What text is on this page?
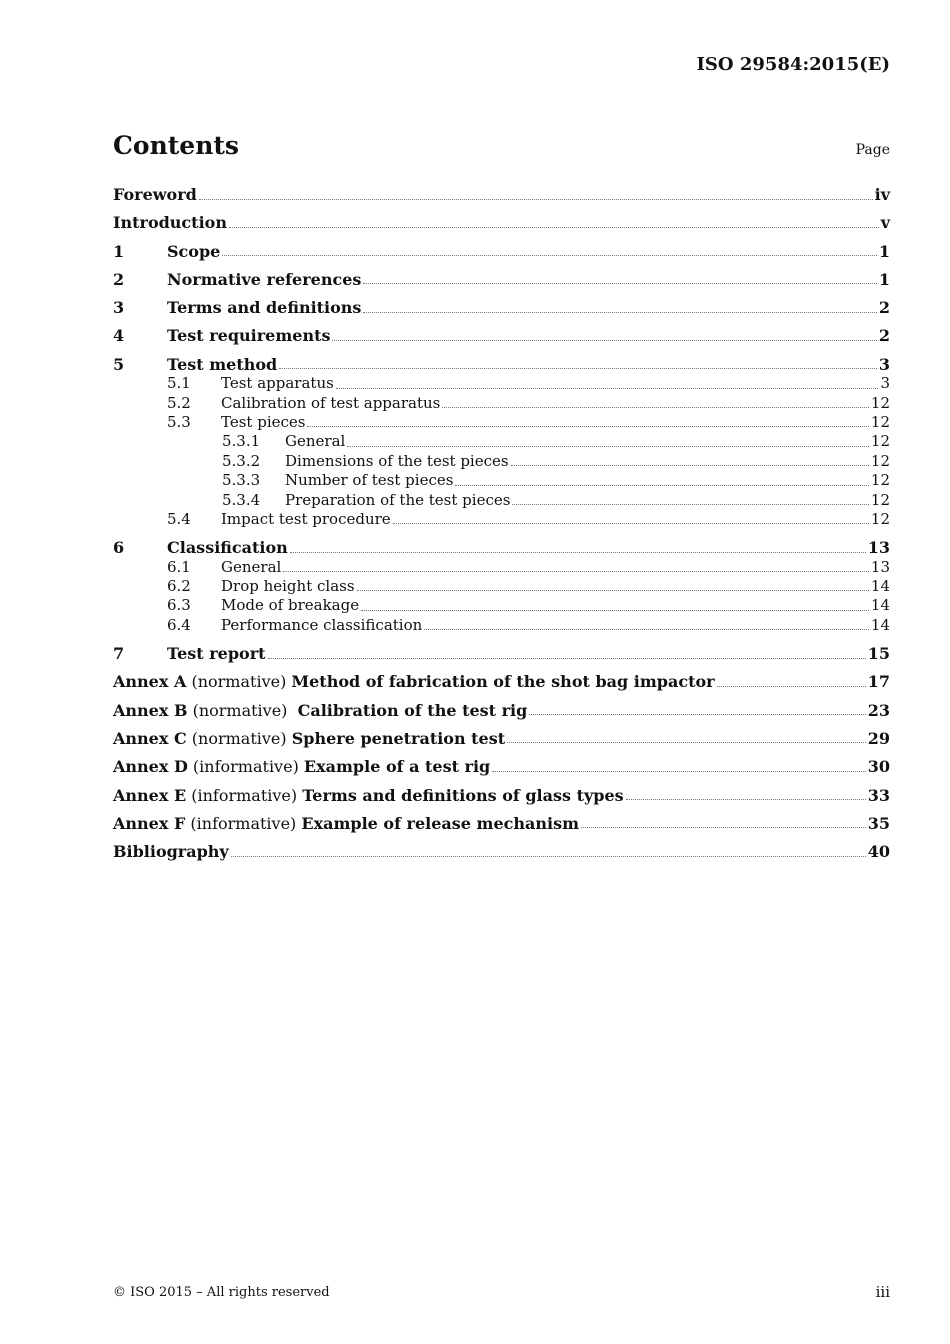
ISO 29584:2015(E)
Contents	Page
Foreword	iv
Introduction	v
1	Scope	1
2	Normative references	1
3	Terms and definitions	2
4	Test requirements	2
5	Test method	3
5.1	Test apparatus	3
5.2	Calibration of test apparatus	12
5.3	Test pieces	12
5.3.1	General	12
5.3.2	Dimensions of the test pieces	12
5.3.3	Number of test pieces	12
5.3.4	Preparation of the test pieces	12
5.4	Impact test procedure	12
6	Classification	13
6.1	General	13
6.2	Drop height class	14
6.3	Mode of breakage	14
6.4	Performance classification	14
7	Test report	15
Annex A (normative) Method of fabrication of the shot bag impactor	17
Annex B (normative)  Calibration of the test rig	23
Annex C (normative) Sphere penetration test	29
Annex D (informative) Example of a test rig	30
Annex E (informative) Terms and definitions of glass types	33
Annex F (informative) Example of release mechanism	35
Bibliography	40
© ISO 2015 – All rights reserved	iii
